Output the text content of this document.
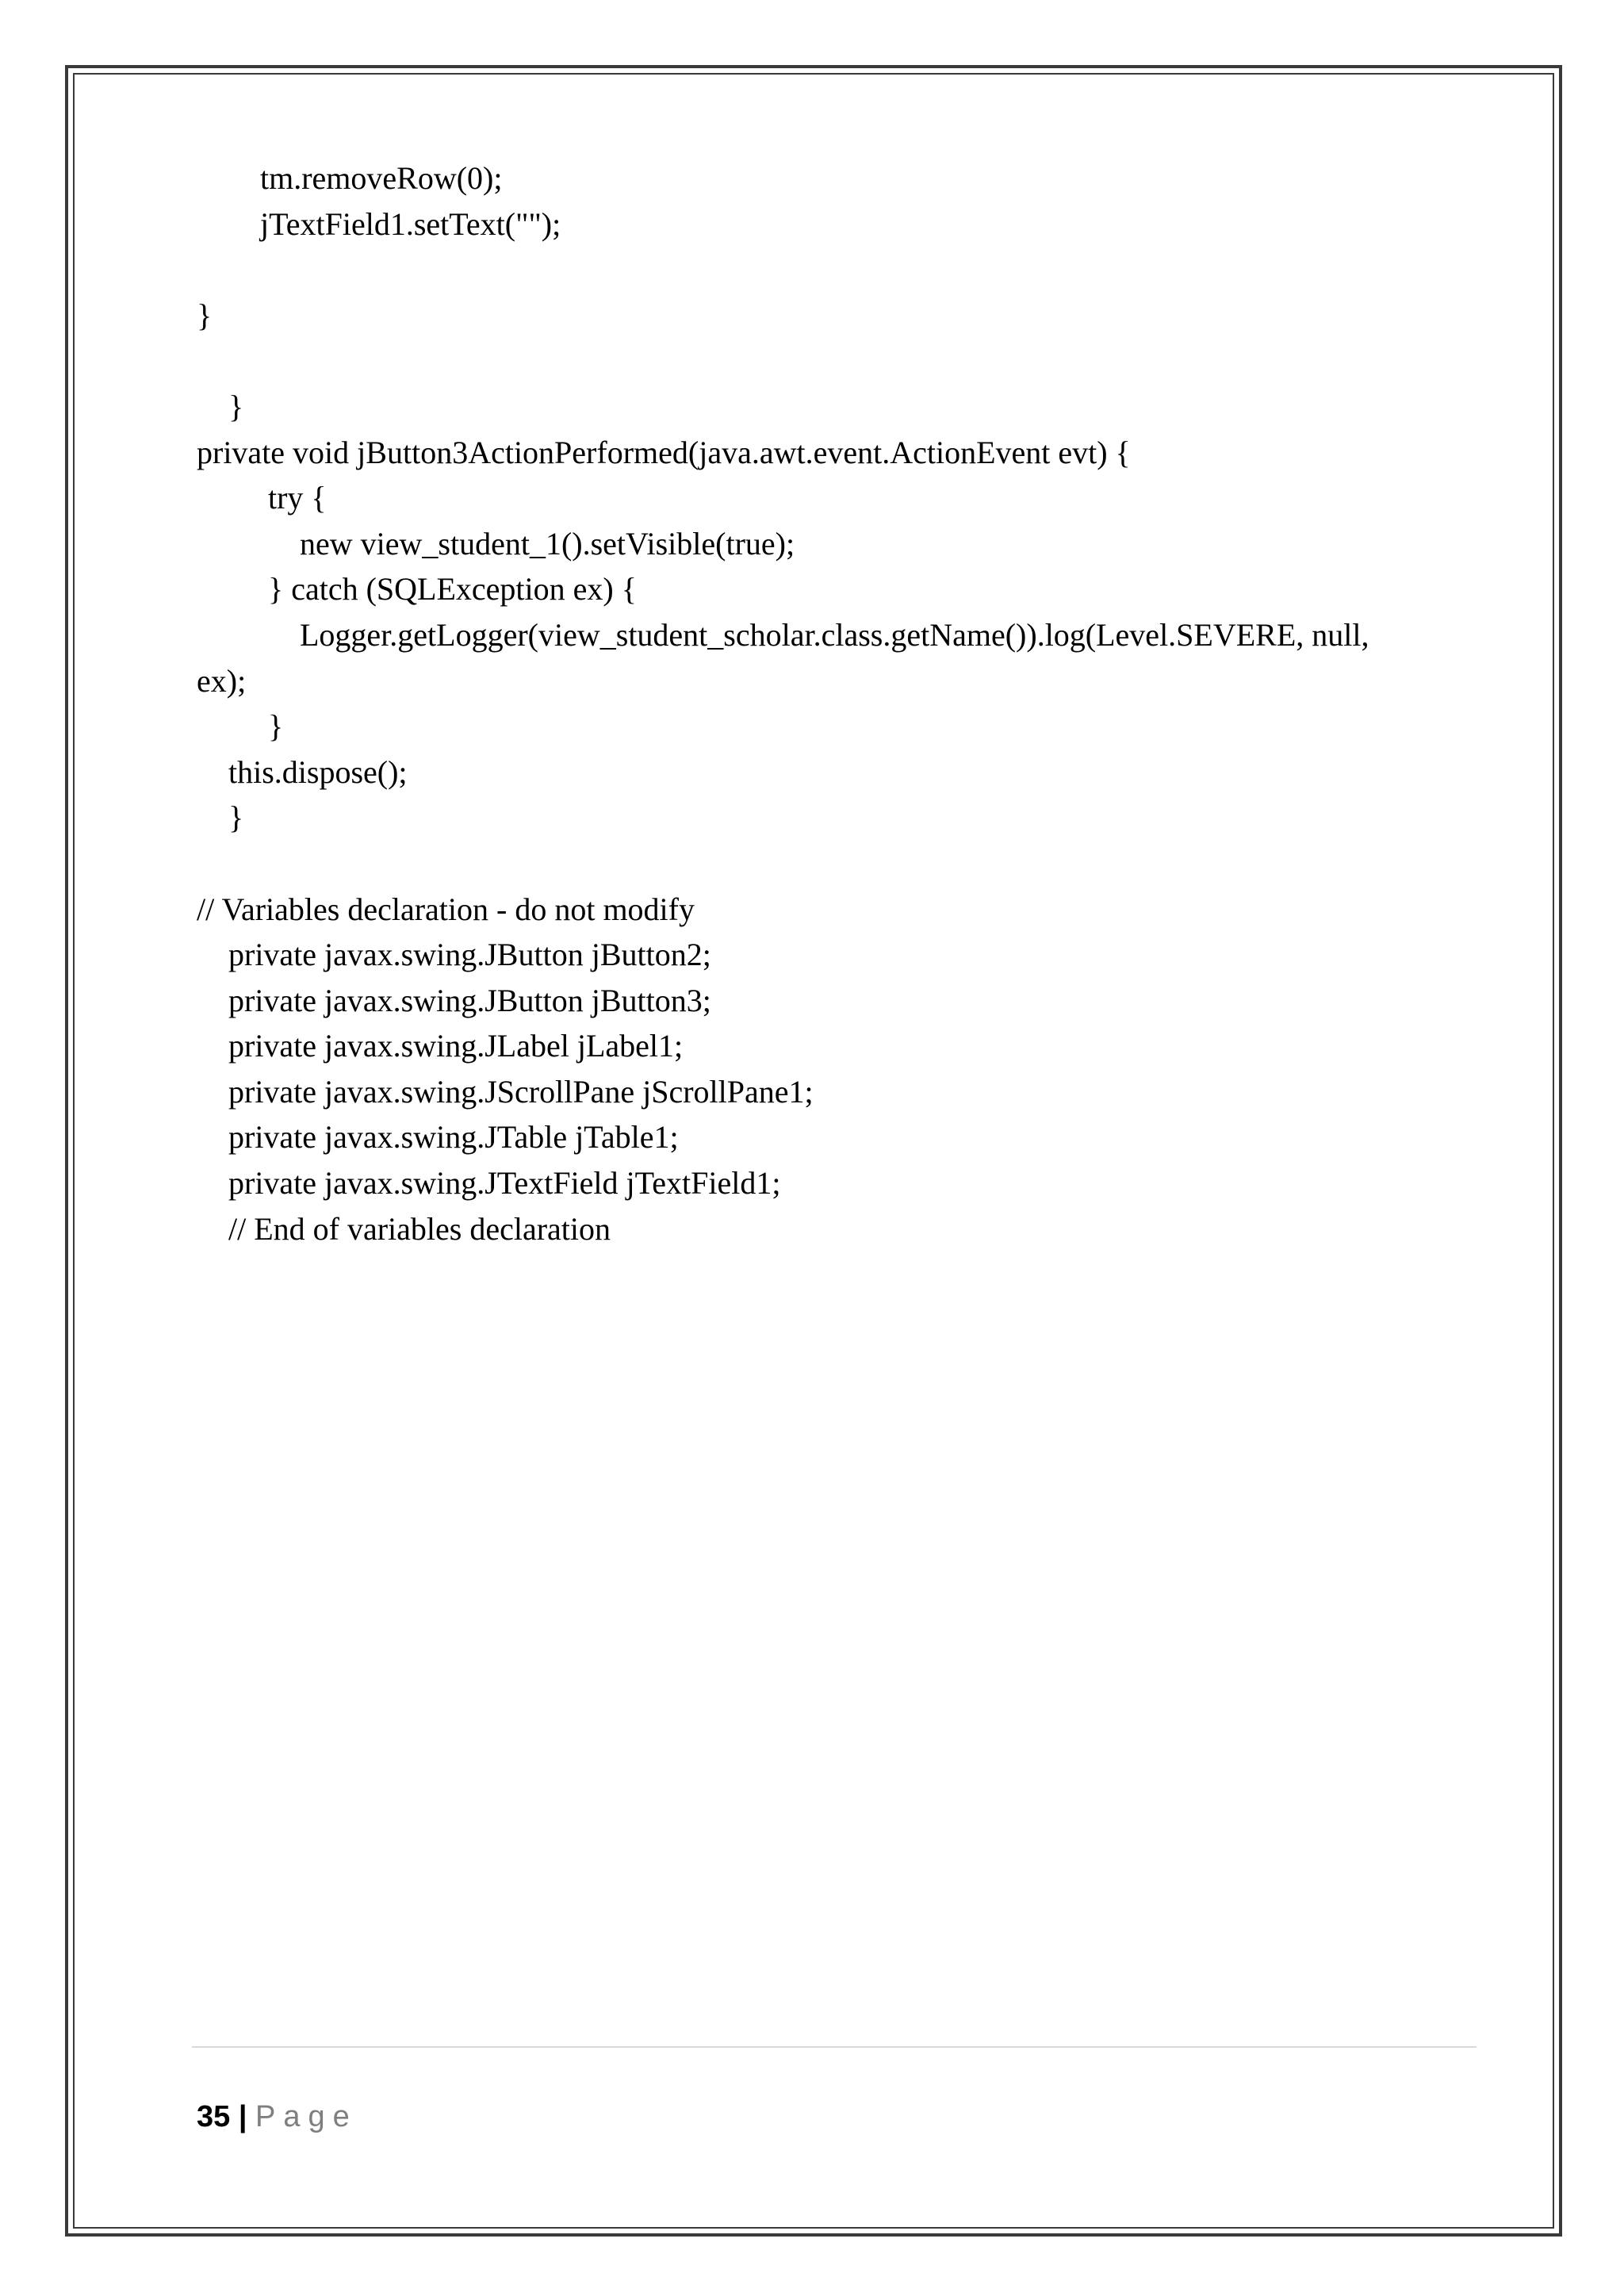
tm.removeRow(0);
jTextField1.setText("");
}
}
private void jButton3ActionPerformed(java.awt.event.ActionEvent evt) {
try {
new view_student_1().setVisible(true);
} catch (SQLException ex) {
Logger.getLogger(view_student_scholar.class.getName()).log(Level.SEVERE, null,
ex);
}
this.dispose();
}
// Variables declaration - do not modify
private javax.swing.JButton jButton2;
private javax.swing.JButton jButton3;
private javax.swing.JLabel jLabel1;
private javax.swing.JScrollPane jScrollPane1;
private javax.swing.JTable jTable1;
private javax.swing.JTextField jTextField1;
// End of variables declaration
35 | Page
